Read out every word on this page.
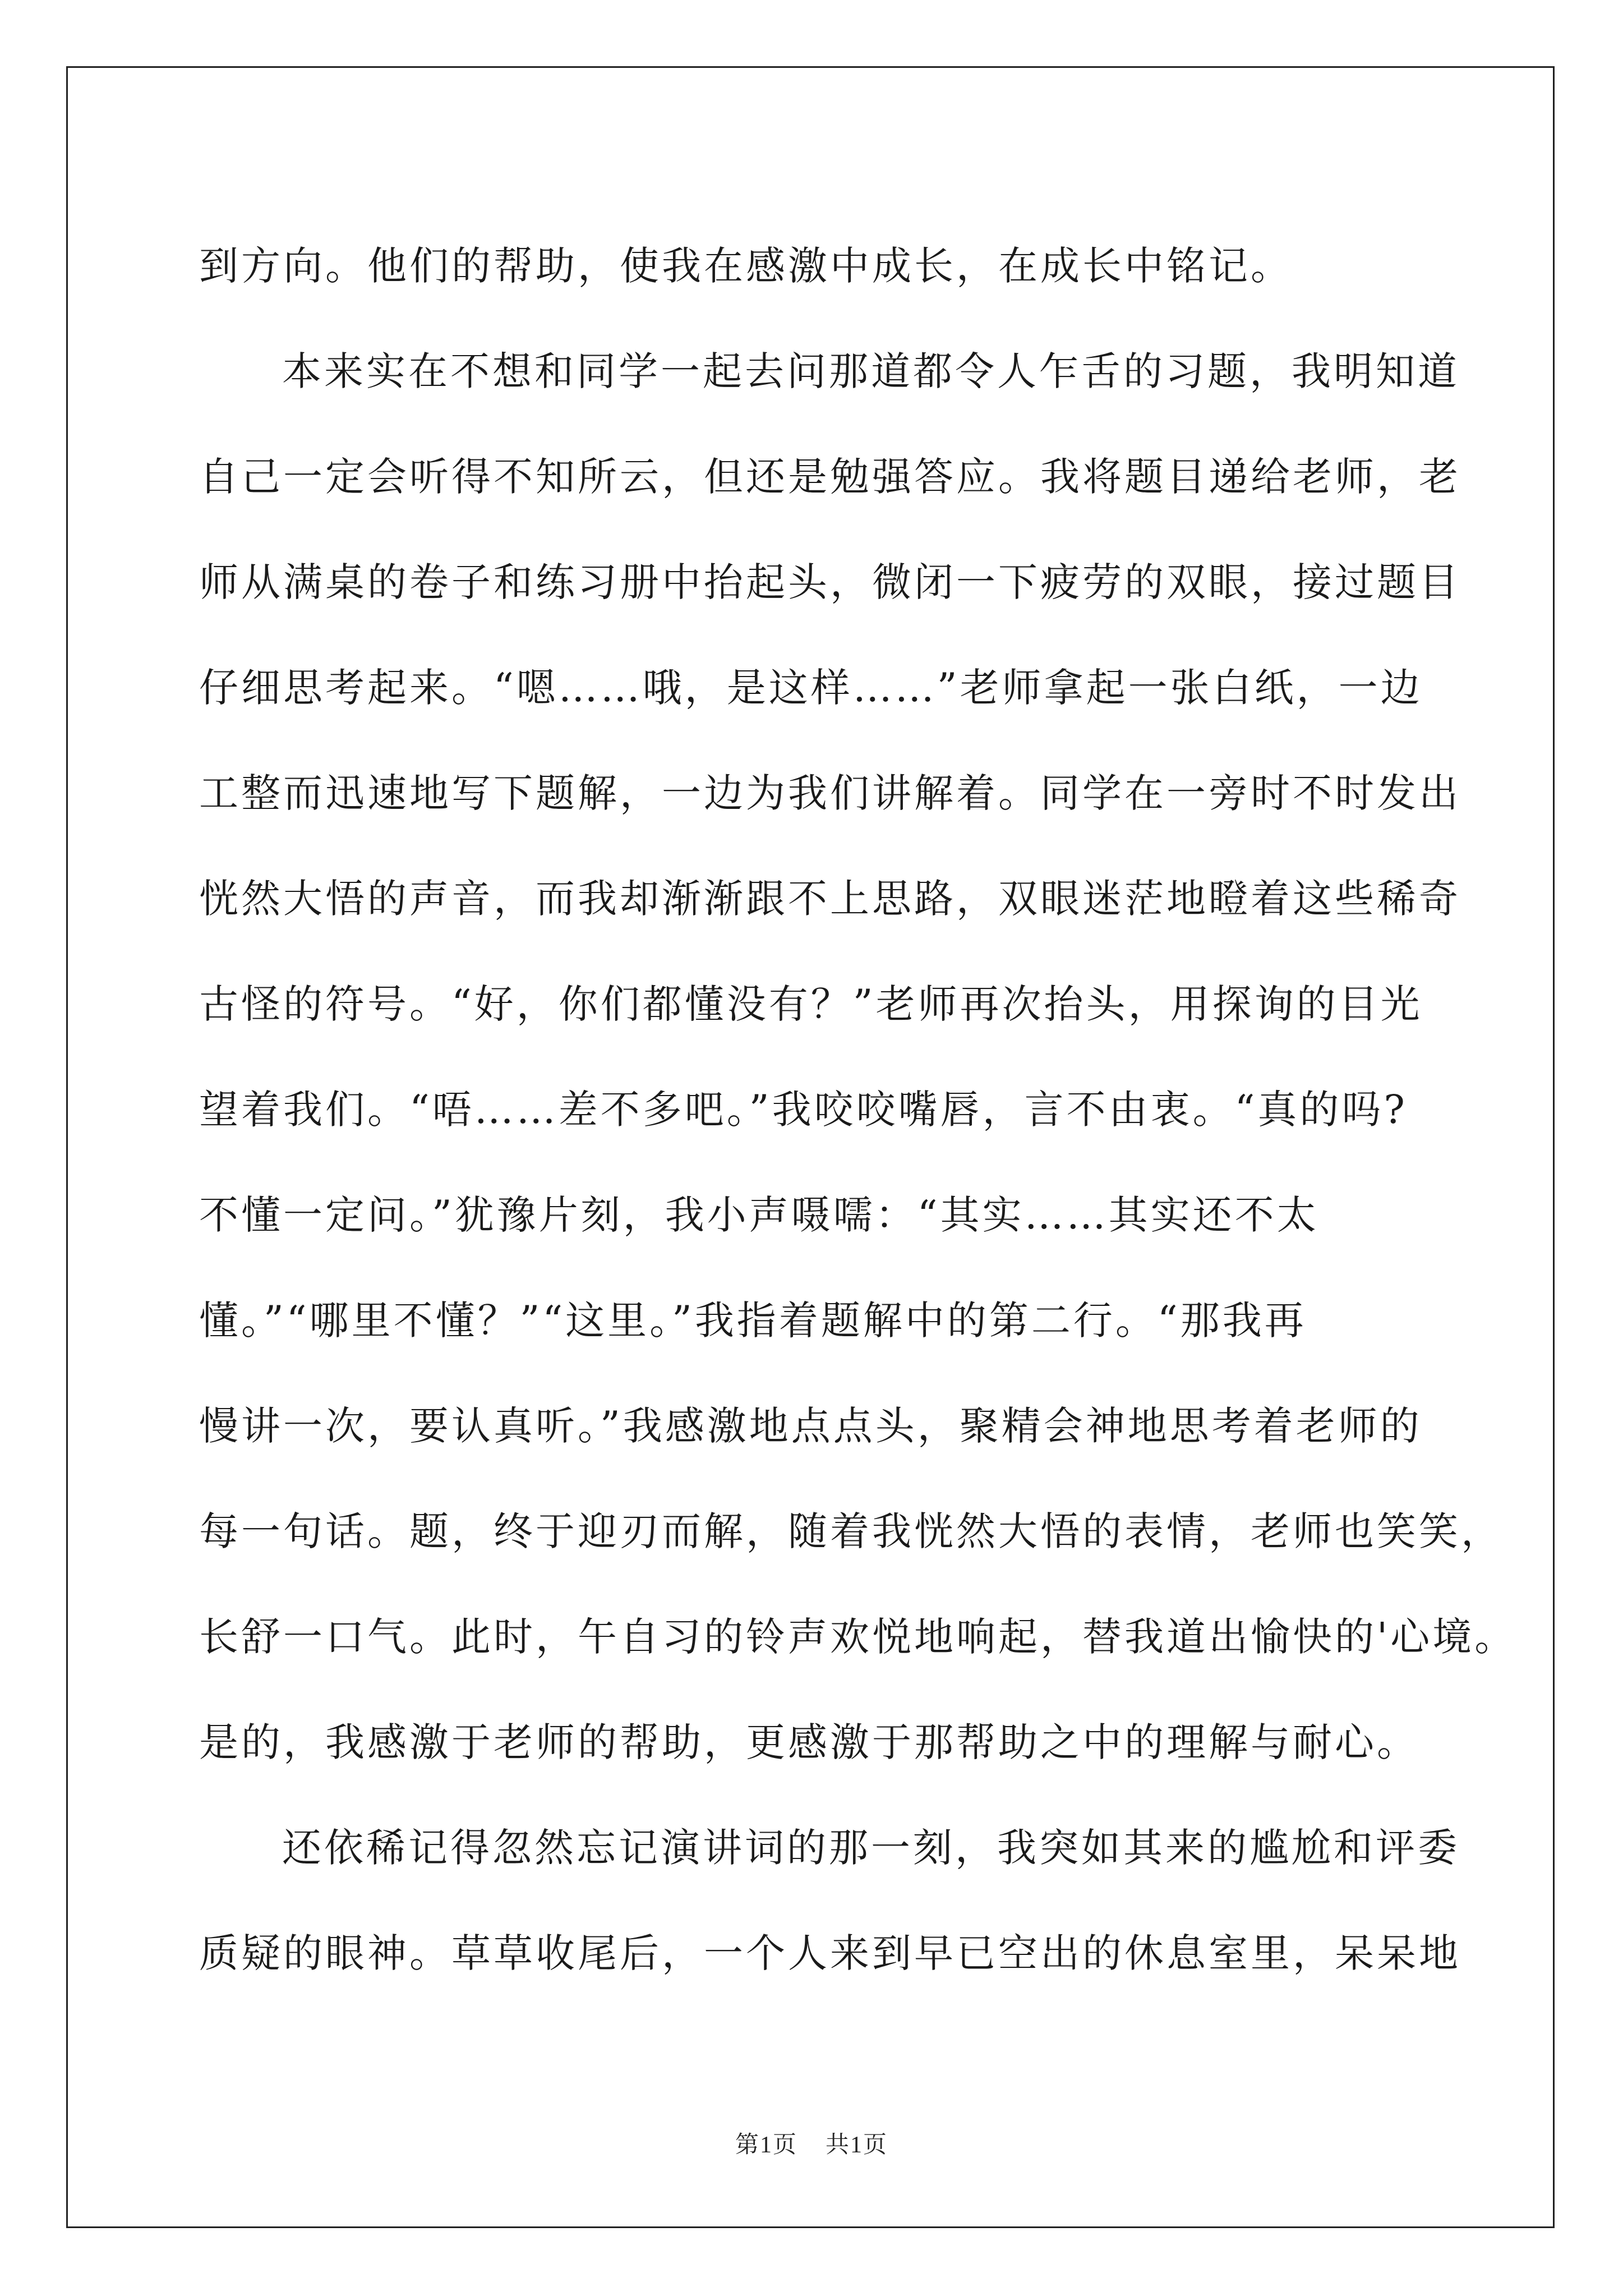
到方向。他们的帮助，使我在感激中成长，在成长中铭记。
本来实在不想和同学一起去问那道都令人乍舌的习题，我明知道
自己一定会听得不知所云，但还是勉强答应。我将题目递给老师，老
师从满桌的卷子和练习册中抬起头，微闭一下疲劳的双眼，接过题目
仔细思考起来。“嗯……哦，是这样……”老师拿起一张白纸，一边
工整而迅速地写下题解，一边为我们讲解着。同学在一旁时不时发出
恍然大悟的声音，而我却渐渐跟不上思路，双眼迷茫地瞪着这些稀奇
古怪的符号。“好，你们都懂没有？”老师再次抬头，用探询的目光
望着我们。“唔……差不多吧。”我咬咬嘴唇，言不由衷。“真的吗?
不懂一定问。”犹豫片刻，我小声嗫嚅：“其实……其实还不太
懂。”“哪里不懂？”“这里。”我指着题解中的第二行。“那我再
慢讲一次，要认真听。”我感激地点点头，聚精会神地思考着老师的
每一句话。题，终于迎刃而解，随着我恍然大悟的表情，老师也笑笑，
长舒一口气。此时，午自习的铃声欢悦地响起，替我道出愉快的'心境。
是的，我感激于老师的帮助，更感激于那帮助之中的理解与耐心。
还依稀记得忽然忘记演讲词的那一刻，我突如其来的尴尬和评委
质疑的眼神。草草收尾后，一个人来到早已空出的休息室里，呆呆地
第1页 共1页
